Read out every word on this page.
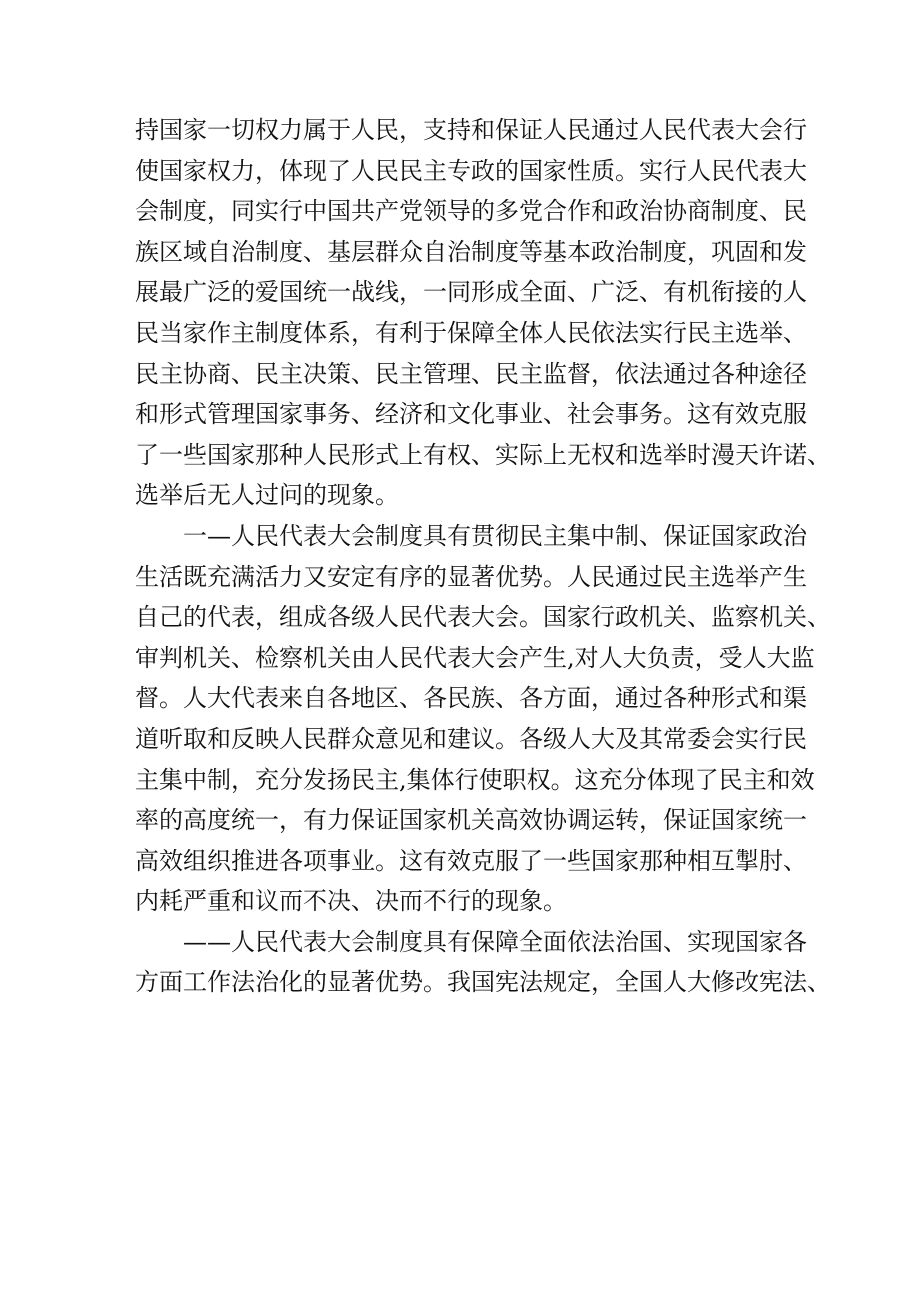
持国家一切权力属于人民，支持和保证人民通过人民代表大会行
使国家权力，体现了人民民主专政的国家性质。实行人民代表大
会制度，同实行中国共产党领导的多党合作和政治协商制度、民
族区域自治制度、基层群众自治制度等基本政治制度，巩固和发
展最广泛的爱国统一战线，一同形成全面、广泛、有机衔接的人
民当家作主制度体系，有利于保障全体人民依法实行民主选举、
民主协商、民主决策、民主管理、民主监督，依法通过各种途径
和形式管理国家事务、经济和文化事业、社会事务。这有效克服
了一些国家那种人民形式上有权、实际上无权和选举时漫天许诺、
选举后无人过问的现象。
一—人民代表大会制度具有贯彻民主集中制、保证国家政治
生活既充满活力又安定有序的显著优势。人民通过民主选举产生
自己的代表，组成各级人民代表大会。国家行政机关、监察机关、
审判机关、检察机关由人民代表大会产生,对人大负责，受人大监
督。人大代表来自各地区、各民族、各方面，通过各种形式和渠
道听取和反映人民群众意见和建议。各级人大及其常委会实行民
主集中制，充分发扬民主,集体行使职权。这充分体现了民主和效
率的高度统一，有力保证国家机关高效协调运转，保证国家统一
高效组织推进各项事业。这有效克服了一些国家那种相互掣肘、
内耗严重和议而不决、决而不行的现象。
——人民代表大会制度具有保障全面依法治国、实现国家各
方面工作法治化的显著优势。我国宪法规定，全国人大修改宪法、
